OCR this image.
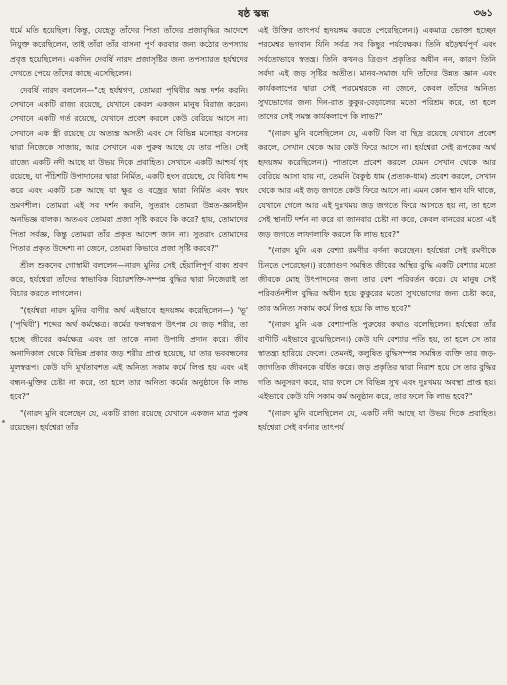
ষষ্ঠ স্কন্ধ	৩৬১

ধর্মে মতি হয়েছিল। কিন্তু, যেহেতু তাঁদের পিতা তাঁদের প্রজাবৃদ্ধির আদেশে নিযুক্ত করেছিলেন, তাই তাঁরা তাঁর বাসনা পূর্ণ করবার জন্য কঠোর তপস্যায় প্রবৃত্ত হয়েছিলেন। একদিন দেবর্ষি নারদ প্রজাসৃষ্টির জন্য তপস্যারত হর্যশ্বদের দেখতে পেয়ে তাঁদের কাছে এসেছিলেন।

দেবর্ষি নারদ বললেন—"হে হর্যশ্বগণ, তোমরা পৃথিবীর অন্ত দর্শন করনি। সেখানে একটি রাজ্য রয়েছে, যেখানে কেবল একজন মানুষ বিরাজ করেন। সেখানে একটি গর্ত রয়েছে, যেখানে প্রবেশ করলে কেউ বেরিয়ে আসে না। সেখানে এক স্ত্রী রয়েছে যে অত্যন্ত অসতী এবং সে বিভিন্ন মনোহর বসনের দ্বারা নিজেকে সাজায়, আর সেখানে এক পুরুষ আছে যে তার পতি। সেই রাজ্যে একটি নদী আছে যা উভয় দিকে প্রবাহিত। সেখানে একটি আশ্চর্য গৃহ রয়েছে, যা পঁচিশটি উপাদানের দ্বারা নির্মিত, একটি হংস রয়েছে, যে বিবিধ শব্দ করে এবং একটি চক্র আছে যা ক্ষুর ও বজ্রের দ্বারা নির্মিত এবং স্বয়ং ভ্রমণশীল। তোমরা এই সব দর্শন করনি, সুতরাং তোমরা উন্নত-জ্ঞানহীন অনভিজ্ঞ বালক। অতএব তোমরা প্রজা সৃষ্টি করবে কি করে? হায়, তোমাদের পিতা সর্বজ্ঞ, কিন্তু তোমরা তাঁর প্রকৃত আদেশ জান না। সুতরাং তোমাদের পিতার প্রকৃত উদ্দেশ্য না জেনে, তোমরা কিভাবে প্রজা সৃষ্টি করবে?"

শ্রীল শুকদেব গোস্বামী বললেন—নারদ মুনির সেই হেঁয়ালিপূর্ণ বাক্য শ্রবণ করে, হর্যশ্বেরা তাঁদের স্বাভাবিক বিচারশক্তি-সম্পন্ন বুদ্ধির দ্বারা নিজেরাই তা বিচার করতে লাগলেন।

"(হর্যশ্বরা নারদ মুনির বাণীর অর্থ এইভাবে হৃদয়ঙ্গম করেছিলেন—) 'ভূ' ('পৃথিবী') শব্দের অর্থ কর্মক্ষেত্র। কর্মের ফলস্বরূপ উৎপন্ন যে জড় শরীর, তা হচ্ছে জীবের কর্মক্ষেত্র এবং তা তাকে নানা উপাধি প্রদান করে। জীব অনাদিকাল থেকে বিভিন্ন প্রকার জড় শরীর প্রাপ্ত হয়েছে, যা তার ভববন্ধনের মূলস্বরূপ। কেউ যদি মূর্খতাবশত এই অনিত্য সকাম কর্মে লিপ্ত হয় এবং এই বন্ধন-মুক্তির চেষ্টা না করে, তা হলে তার অনিত্য কর্মের অনুষ্ঠানে কি লাভ হবে?"

"(নারদ মুনি বলেছেন যে, একটি রাজ্য রয়েছে যেখানে একজন মাত্র পুরুষ রয়েছেন। হর্যশ্বেরা তাঁর

এই উক্তির তাৎপর্য হৃদয়ঙ্গম করতে পেরেছিলেন।) একমাত্র ভোক্তা হচ্ছেন পরমেশ্বর ভগবান যিনি সর্বত্র সব কিছুর পর্যবেক্ষক। তিনি ষড়ৈশ্বর্যপূর্ণ এবং সর্বতোভাবে স্বতন্ত্র। তিনি কখনও ত্রিগুণ প্রকৃতির অধীন নন, কারণ তিনি সর্বদা এই জড় সৃষ্টির অতীত। মানব-সমাজ যদি তাঁদের উন্নত জ্ঞান এবং কার্যকলাপের দ্বারা সেই পরমেশ্বরকে না জেনে, কেবল তাঁদের অনিত্য সুখভোগের জন্য দিন-রাত কুকুর-বেড়ালের মতো পরিশ্রম করে, তা হলে তাদের সেই সমস্ত কার্যকলাপে কি লাভ?"

"(নারদ মুনি বলেছিলেন যে, একটি বিল বা ছিদ্র রয়েছে যেখানে প্রবেশ করলে, সেখান থেকে আর কেউ ফিরে আসে না। হর্যশ্বেরা সেই রূপকের অর্থ হৃদয়ঙ্গম করেছিলেন।) পাতালে প্রবেশ করলে যেমন সেখান থেকে আর বেরিয়ে আসা যায় না, তেমনি বৈকুণ্ঠ ধাম (প্রত্যক-ধাম) প্রবেশ করলে, সেখান থেকে আর এই জড় জগতে কেউ ফিরে আসে না। এমন কোন স্থান যদি থাকে, যেখানে গেলে আর এই দুঃখময় জড় জগতে ফিরে আসতে হয় না, তা হলে সেই স্থানটি দর্শন না করে বা জানবার চেষ্টা না করে, কেবল বানরের মতো এই জড় জগতে লাফালাফি করলে কি লাভ হবে?"

"(নারদ মুনি এক বেশ্যা রমণীর বর্ণনা করেছেন। হর্যশ্বেরা সেই রমণীকে চিনতে পেরেছেন।) রজোগুণ সমন্বিত জীবের অস্থির বুদ্ধি একটি বেশ্যার মতো জীবকে মোহ উৎপাদনের জন্য তার বেশ পরিবর্তন করে। যে মানুষ সেই পরিবর্তনশীল বুদ্ধির অধীন হয়ে কুকুরের মতো সুখভোগের জন্য চেষ্টা করে, তার অনিত্য সকাম কর্মে লিপ্ত হয়ে কি লাভ হবে?"

"(নারদ মুনি এক বেশ্যাপতি পুরুষের কথাও বলেছিলেন। হর্যশ্বেরা তাঁর বাণীটি এইভাবে বুঝেছিলেন।) কেউ যদি বেশ্যার পতি হয়, তা হলে সে তার স্বাতন্ত্র্য হারিয়ে ফেলে। তেমনই, কলুষিত বুদ্ধিসম্পন্ন সমন্বিত ব্যক্তি তার জড়-জাগতিক জীবনকে বর্ধিত করে। জড় প্রকৃতির দ্বারা নিরাশ হয়ে সে তার বুদ্ধির গতি অনুসরণ করে, যার ফলে সে বিভিন্ন সুখ এবং দুঃখময় অবস্থা প্রাপ্ত হয়। এইভাবে কেউ যদি সকাম কর্ম অনুষ্ঠান করে, তার ফলে কি লাভ হবে?"

"(নারদ মুনি বলেছিলেন যে, একটি নদী আছে যা উভয় দিকে প্রবাহিত। হর্যশ্বেরা সেই বর্ণনার তাৎপর্য
